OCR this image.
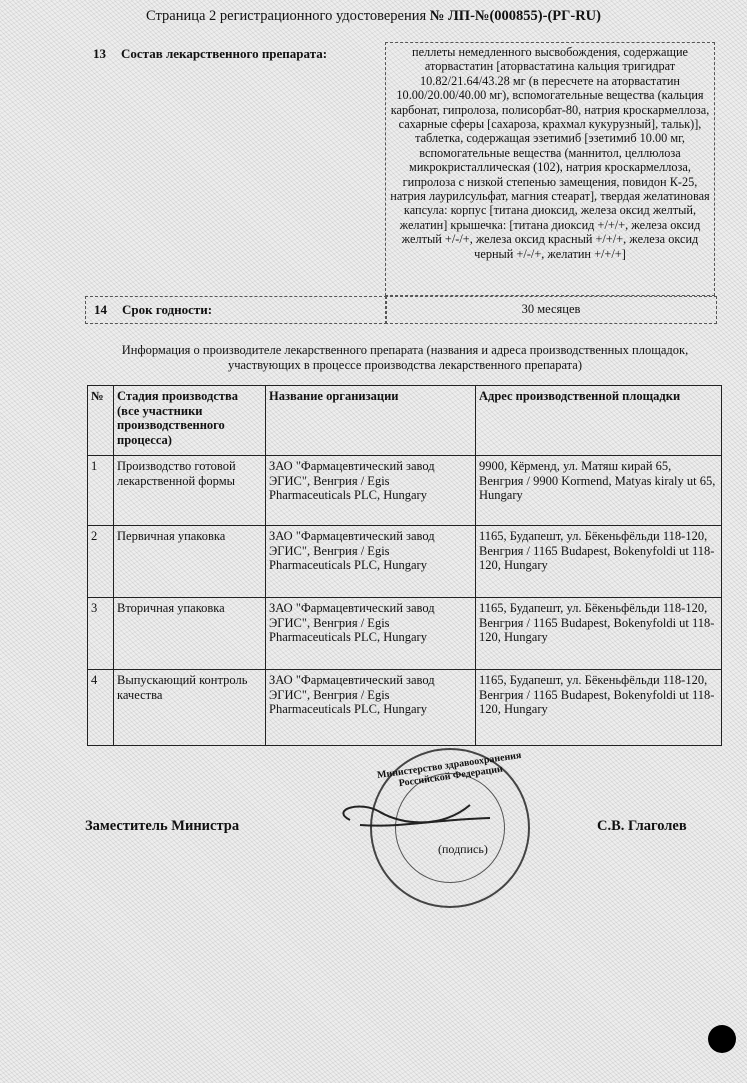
Страница 2 регистрационного удостоверения № ЛП-№(000855)-(РГ-RU)
13 Состав лекарственного препарата:	пеллеты немедленного высвобождения, содержащие аторвастатин [аторвастатина кальция тригидрат 10.82/21.64/43.28 мг (в пересчете на аторвастатин 10.00/20.00/40.00 мг), вспомогательные вещества (кальция карбонат, гипролоза, полисорбат-80, натрия кроскармеллоза, сахарные сферы [сахароза, крахмал кукурузный], тальк)], таблетка, содержащая эзетимиб [эзетимиб 10.00 мг, вспомогательные вещества (маннитол, целлюлоза микрокристаллическая (102), натрия кроскармеллоза, гипролоза с низкой степенью замещения, повидон К-25, натрия лаурилсульфат, магния стеарат], твердая желатиновая капсула: корпус [титана диоксид, железа оксид желтый, желатин] крышечка: [титана диоксид +/+/+, железа оксид желтый +/-/+, железа оксид красный +/+/+, железа оксид черный +/-/+, желатин +/+/+]
14 Срок годности:	30 месяцев
Информация о производителе лекарственного препарата (названия и адреса производственных площадок, участвующих в процессе производства лекарственного препарата)
№	Стадия производства (все участники производственного процесса)	Название организации	Адрес производственной площадки
1	Производство готовой лекарственной формы	ЗАО "Фармацевтический завод ЭГИС", Венгрия / Egis Pharmaceuticals PLC, Hungary	9900, Кёрменд, ул. Матяш кирай 65, Венгрия / 9900 Kormend, Matyas kiraly ut 65, Hungary
2	Первичная упаковка	ЗАО "Фармацевтический завод ЭГИС", Венгрия / Egis Pharmaceuticals PLC, Hungary	1165, Будапешт, ул. Бёкеньфёльди 118-120, Венгрия / 1165 Budapest, Bokenyfoldi ut 118-120, Hungary
3	Вторичная упаковка	ЗАО "Фармацевтический завод ЭГИС", Венгрия / Egis Pharmaceuticals PLC, Hungary	1165, Будапешт, ул. Бёкеньфёльди 118-120, Венгрия / 1165 Budapest, Bokenyfoldi ut 118-120, Hungary
4	Выпускающий контроль качества	ЗАО "Фармацевтический завод ЭГИС", Венгрия / Egis Pharmaceuticals PLC, Hungary	1165, Будапешт, ул. Бёкеньфёльди 118-120, Венгрия / 1165 Budapest, Bokenyfoldi ut 118-120, Hungary
Министерство здравоохранения Российской Федерации
(подпись)
Заместитель Министра	С.В. Глаголев
